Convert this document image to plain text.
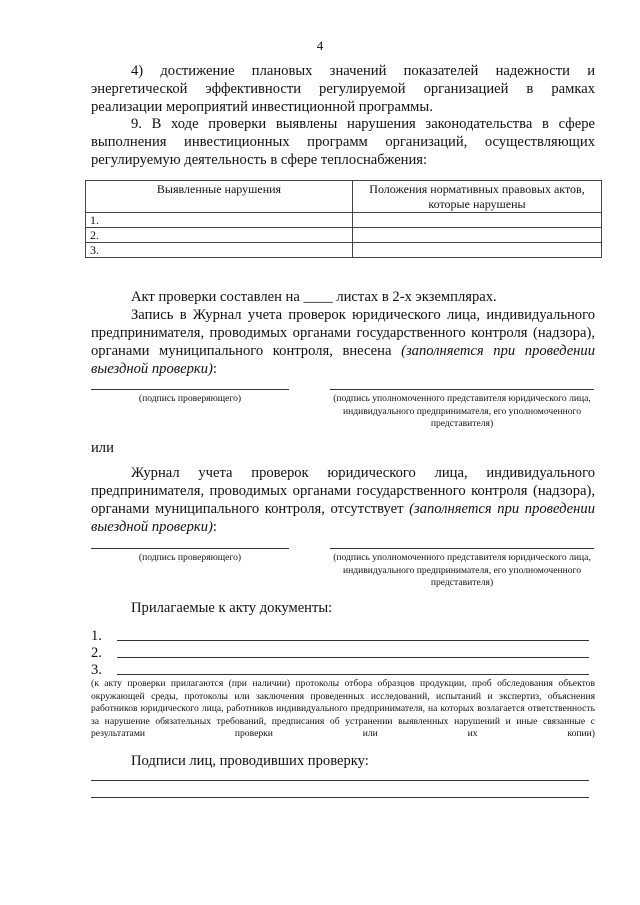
4
4) достижение плановых значений показателей надежности и энергетической эффективности регулируемой организацией в рамках реализации мероприятий инвестиционной программы.
9. В ходе проверки выявлены нарушения законодательства в сфере выполнения инвестиционных программ организаций, осуществляющих регулируемую деятельность в сфере теплоснабжения:
Выявленные нарушения	Положения нормативных правовых актов, которые нарушены
1.	
2.	
3.	
Акт проверки составлен на ____ листах в 2-х экземплярах.
Запись в Журнал учета проверок юридического лица, индивидуального предпринимателя, проводимых органами государственного контроля (надзора), органами муниципального контроля, внесена (заполняется при проведении выездной проверки):
(подпись проверяющего)	(подпись уполномоченного представителя юридического лица, индивидуального предпринимателя, его уполномоченного представителя)
или
Журнал учета проверок юридического лица, индивидуального предпринимателя, проводимых органами государственного контроля (надзора), органами муниципального контроля, отсутствует (заполняется при проведении выездной проверки):
(подпись проверяющего)	(подпись уполномоченного представителя юридического лица, индивидуального предпринимателя, его уполномоченного представителя)
Прилагаемые к акту документы:
1.
2.
3.
(к акту проверки прилагаются (при наличии) протоколы отбора образцов продукции, проб обследования объектов окружающей среды, протоколы или заключения проведенных исследований, испытаний и экспертиз, объяснения работников юридического лица, работников индивидуального предпринимателя, на которых возлагается ответственность за нарушение обязательных требований, предписания об устранении выявленных нарушений и иные связанные с результатами проверки или их копии)
Подписи лиц, проводивших проверку:
